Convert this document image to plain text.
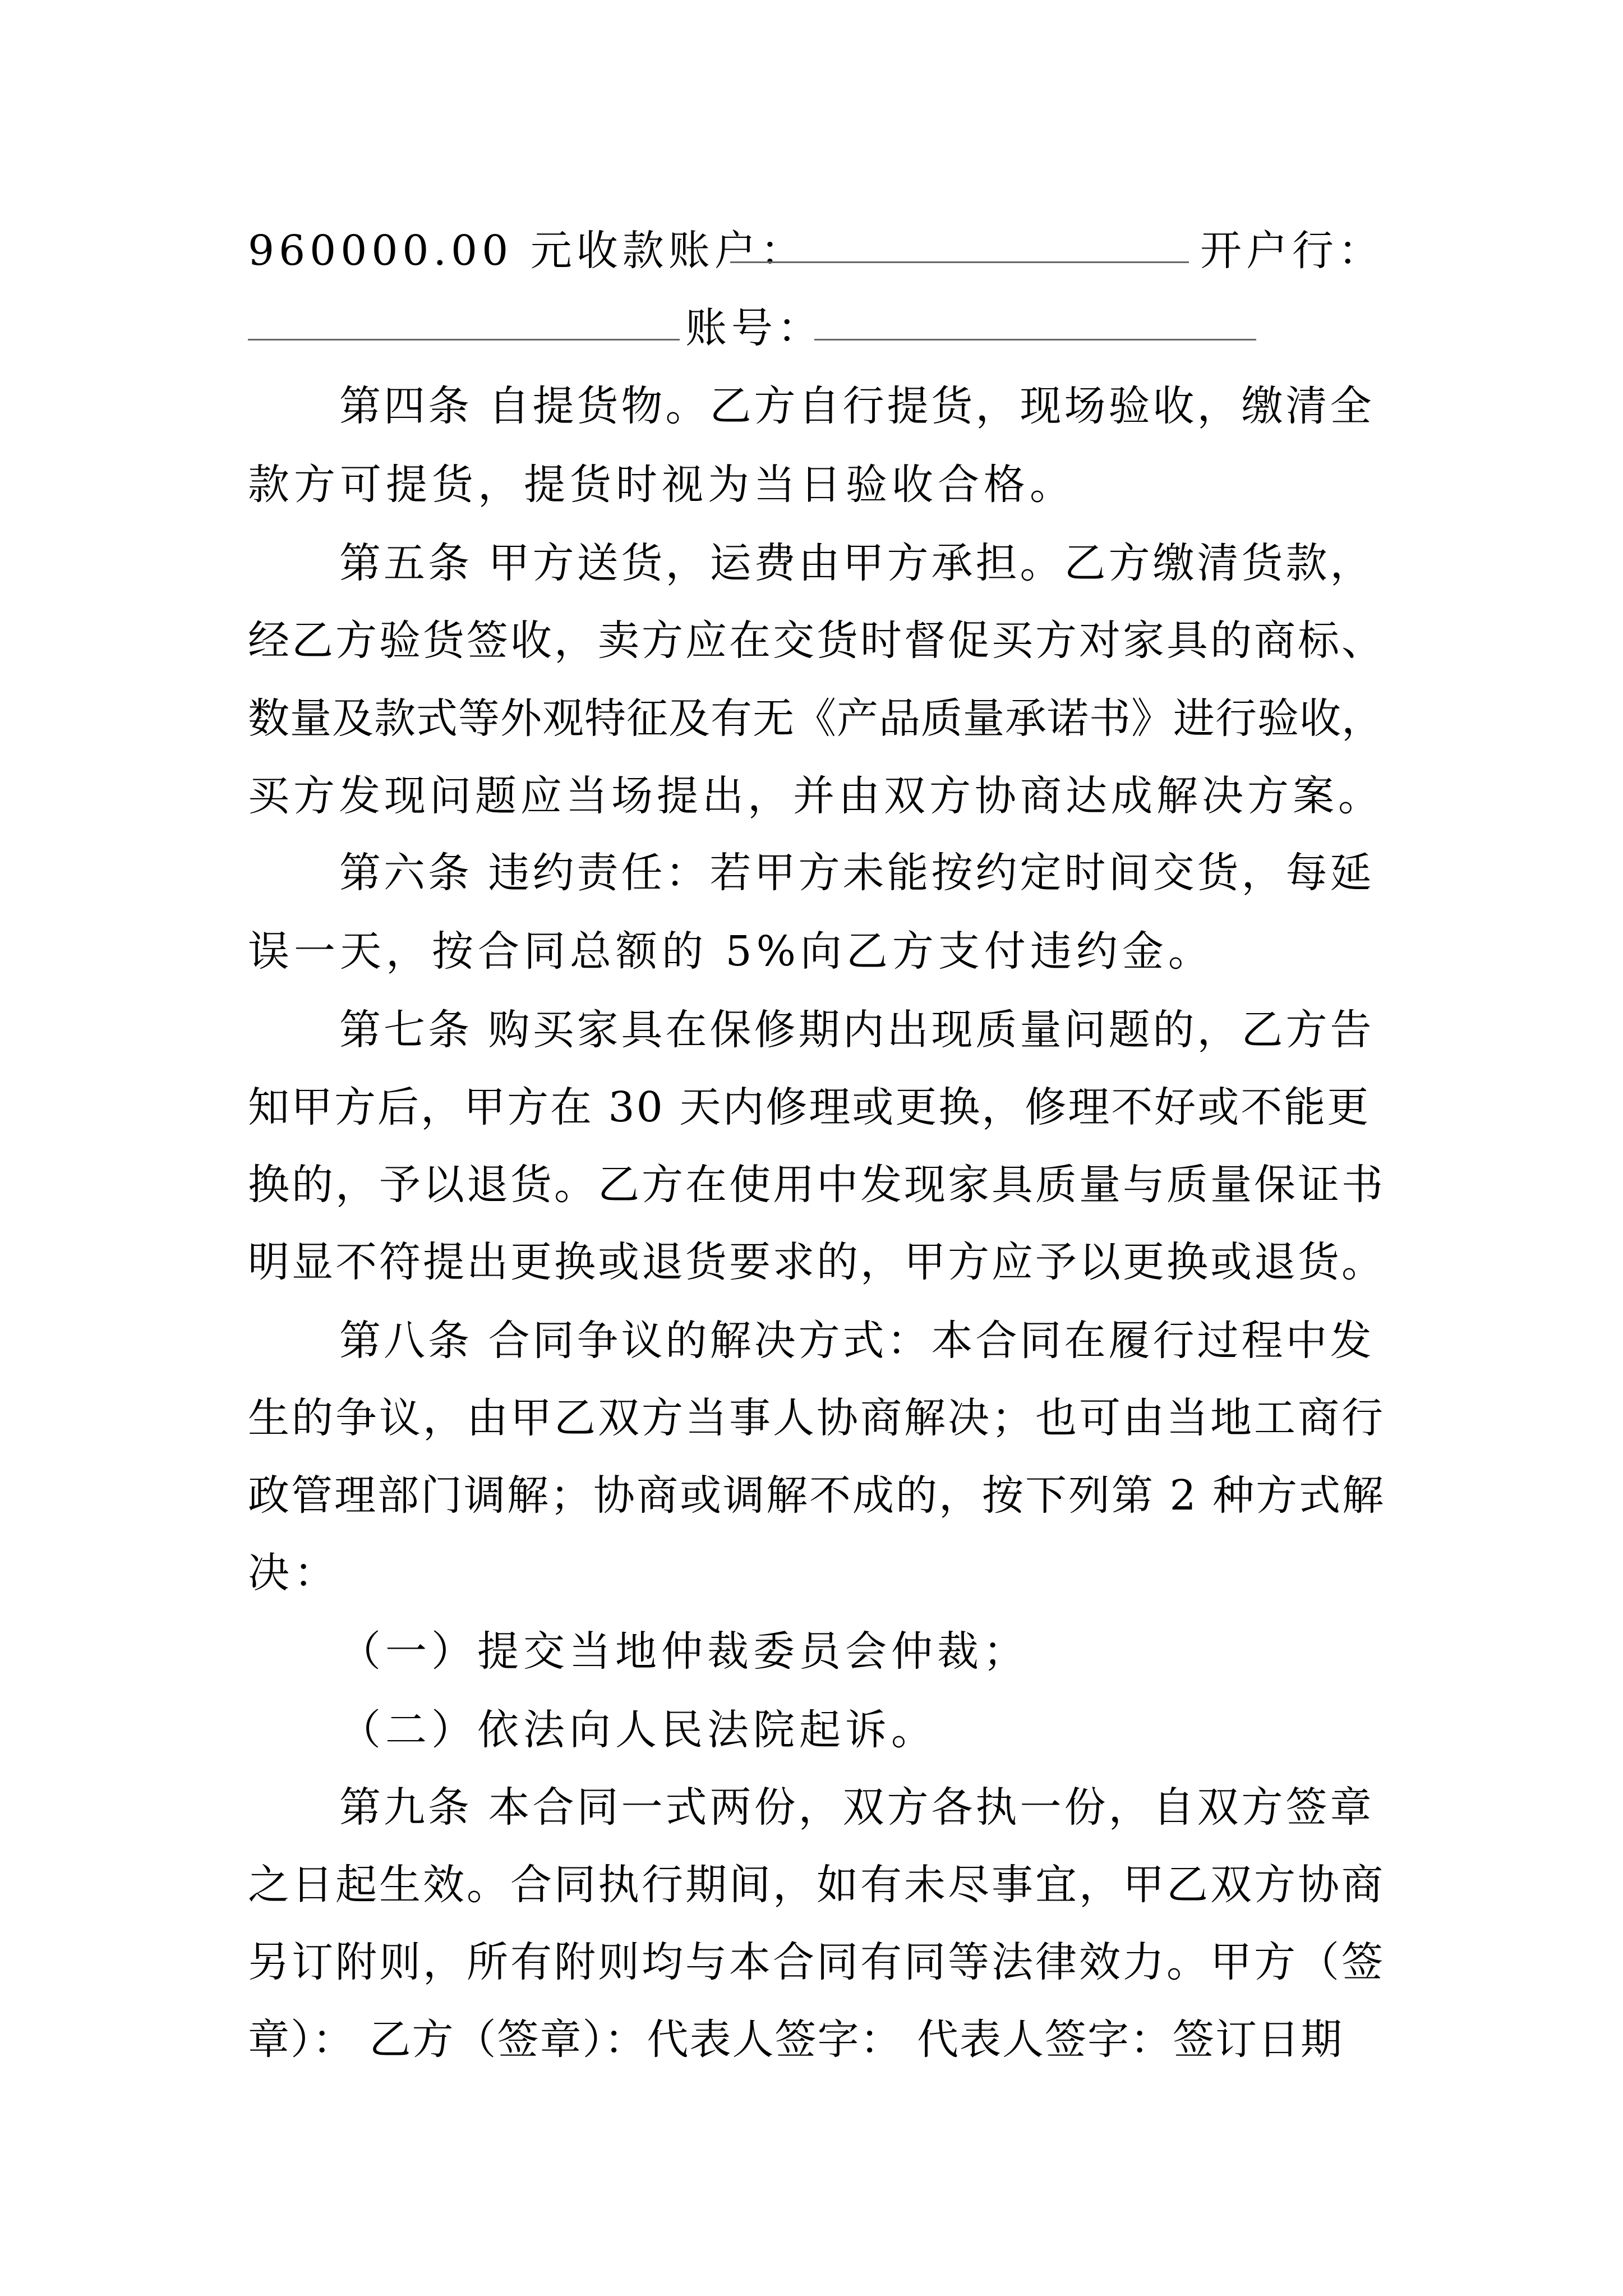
960000.00 元收款账户：	开户行：
账号：
第四条 自提货物。乙方自行提货，现场验收，缴清全
款方可提货，提货时视为当日验收合格。
第五条 甲方送货，运费由甲方承担。乙方缴清货款，
经乙方验货签收，卖方应在交货时督促买方对家具的商标、
数量及款式等外观特征及有无《产品质量承诺书》进行验收，
买方发现问题应当场提出，并由双方协商达成解决方案。
第六条 违约责任：若甲方未能按约定时间交货，每延
误一天，按合同总额的 5%向乙方支付违约金。
第七条 购买家具在保修期内出现质量问题的，乙方告
知甲方后，甲方在 30 天内修理或更换，修理不好或不能更
换的，予以退货。乙方在使用中发现家具质量与质量保证书
明显不符提出更换或退货要求的，甲方应予以更换或退货。
第八条 合同争议的解决方式：本合同在履行过程中发
生的争议，由甲乙双方当事人协商解决；也可由当地工商行
政管理部门调解；协商或调解不成的，按下列第 2 种方式解
决：
（一）提交当地仲裁委员会仲裁；
（二）依法向人民法院起诉。
第九条 本合同一式两份，双方各执一份，自双方签章
之日起生效。合同执行期间，如有未尽事宜，甲乙双方协商
另订附则，所有附则均与本合同有同等法律效力。甲方（签
章）： 乙方（签章）：代表人签字： 代表人签字：签订日期
